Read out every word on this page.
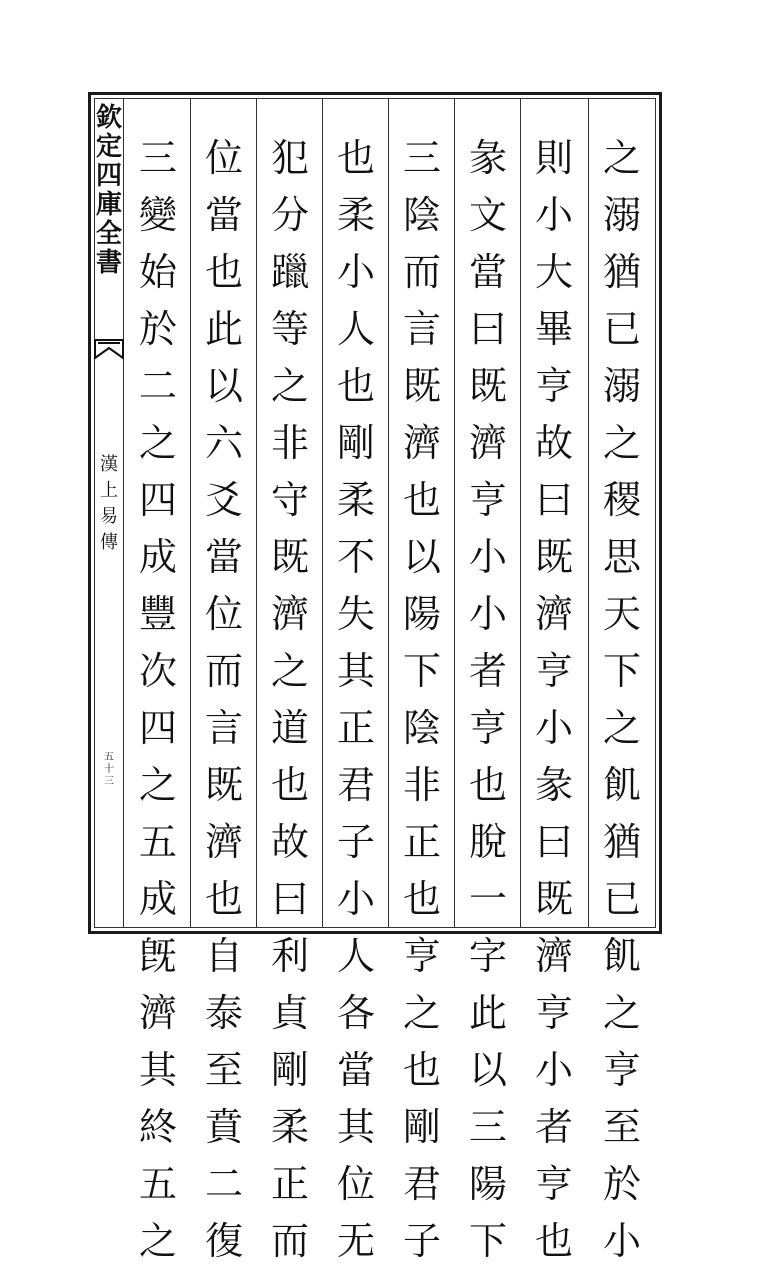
欽
定
四
庫
全
書
漢
上
易
傳
五
十
三
之
溺
猶
已
溺
之
稷
思
天
下
之
飢
猶
已
飢
之
亨
至
於
小
則
小
大
畢
亨
故
曰
既
濟
亨
小
彖
曰
既
濟
亨
小
者
亨
也
彖
文
當
曰
既
濟
亨
小
小
者
亨
也
脫
一
字
此
以
三
陽
下
三
陰
而
言
既
濟
也
以
陽
下
陰
非
正
也
亨
之
也
剛
君
子
也
柔
小
人
也
剛
柔
不
失
其
正
君
子
小
人
各
當
其
位
无
犯
分
躐
等
之
非
守
既
濟
之
道
也
故
曰
利
貞
剛
柔
正
而
位
當
也
此
以
六
爻
當
位
而
言
既
濟
也
自
泰
至
賁
二
復
三
變
始
於
二
之
四
成
豐
次
四
之
五
成
旣
濟
其
終
五
之
